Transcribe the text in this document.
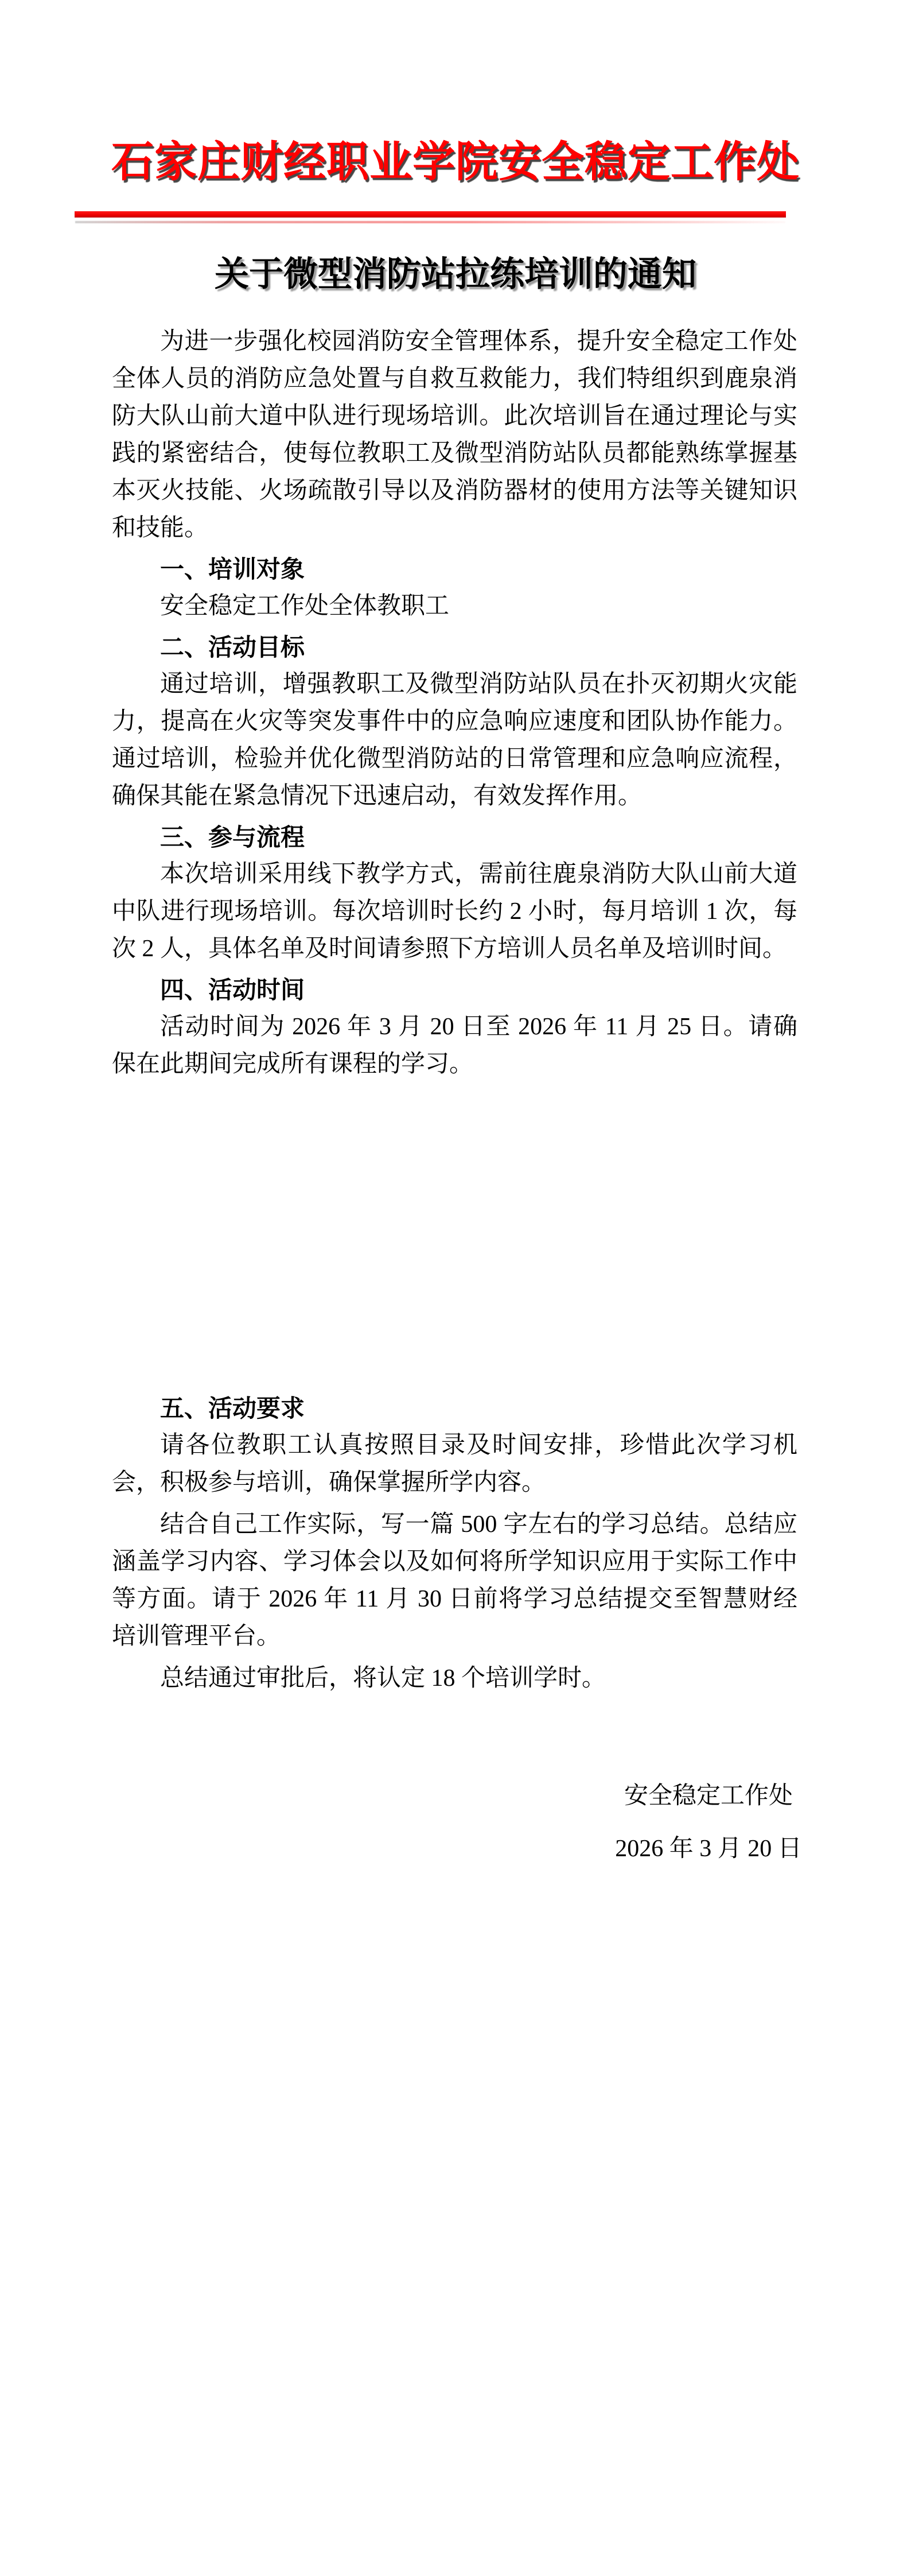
石家庄财经职业学院安全稳定工作处
关于微型消防站拉练培训的通知

为进一步强化校园消防安全管理体系，提升安全稳定工作处全体人员的消防应急处置与自救互救能力，我们特组织到鹿泉消防大队山前大道中队进行现场培训。此次培训旨在通过理论与实践的紧密结合，使每位教职工及微型消防站队员都能熟练掌握基本灭火技能、火场疏散引导以及消防器材的使用方法等关键知识和技能。

一、培训对象

安全稳定工作处全体教职工

二、活动目标

通过培训，增强教职工及微型消防站队员在扑灭初期火灾能力，提高在火灾等突发事件中的应急响应速度和团队协作能力。通过培训，检验并优化微型消防站的日常管理和应急响应流程，确保其能在紧急情况下迅速启动，有效发挥作用。

三、参与流程

本次培训采用线下教学方式，需前往鹿泉消防大队山前大道中队进行现场培训。每次培训时长约 2 小时，每月培训 1 次，每次 2 人，具体名单及时间请参照下方培训人员名单及培训时间。

四、活动时间

活动时间为 2026 年 3 月 20 日至 2026 年 11 月 25 日。请确保在此期间完成所有课程的学习。

五、活动要求

请各位教职工认真按照目录及时间安排，珍惜此次学习机会，积极参与培训，确保掌握所学内容。

结合自己工作实际，写一篇 500 字左右的学习总结。总结应涵盖学习内容、学习体会以及如何将所学知识应用于实际工作中等方面。请于 2026 年 11 月 30 日前将学习总结提交至智慧财经培训管理平台。

总结通过审批后，将认定 18 个培训学时。

安全稳定工作处
2026 年 3 月 20 日
